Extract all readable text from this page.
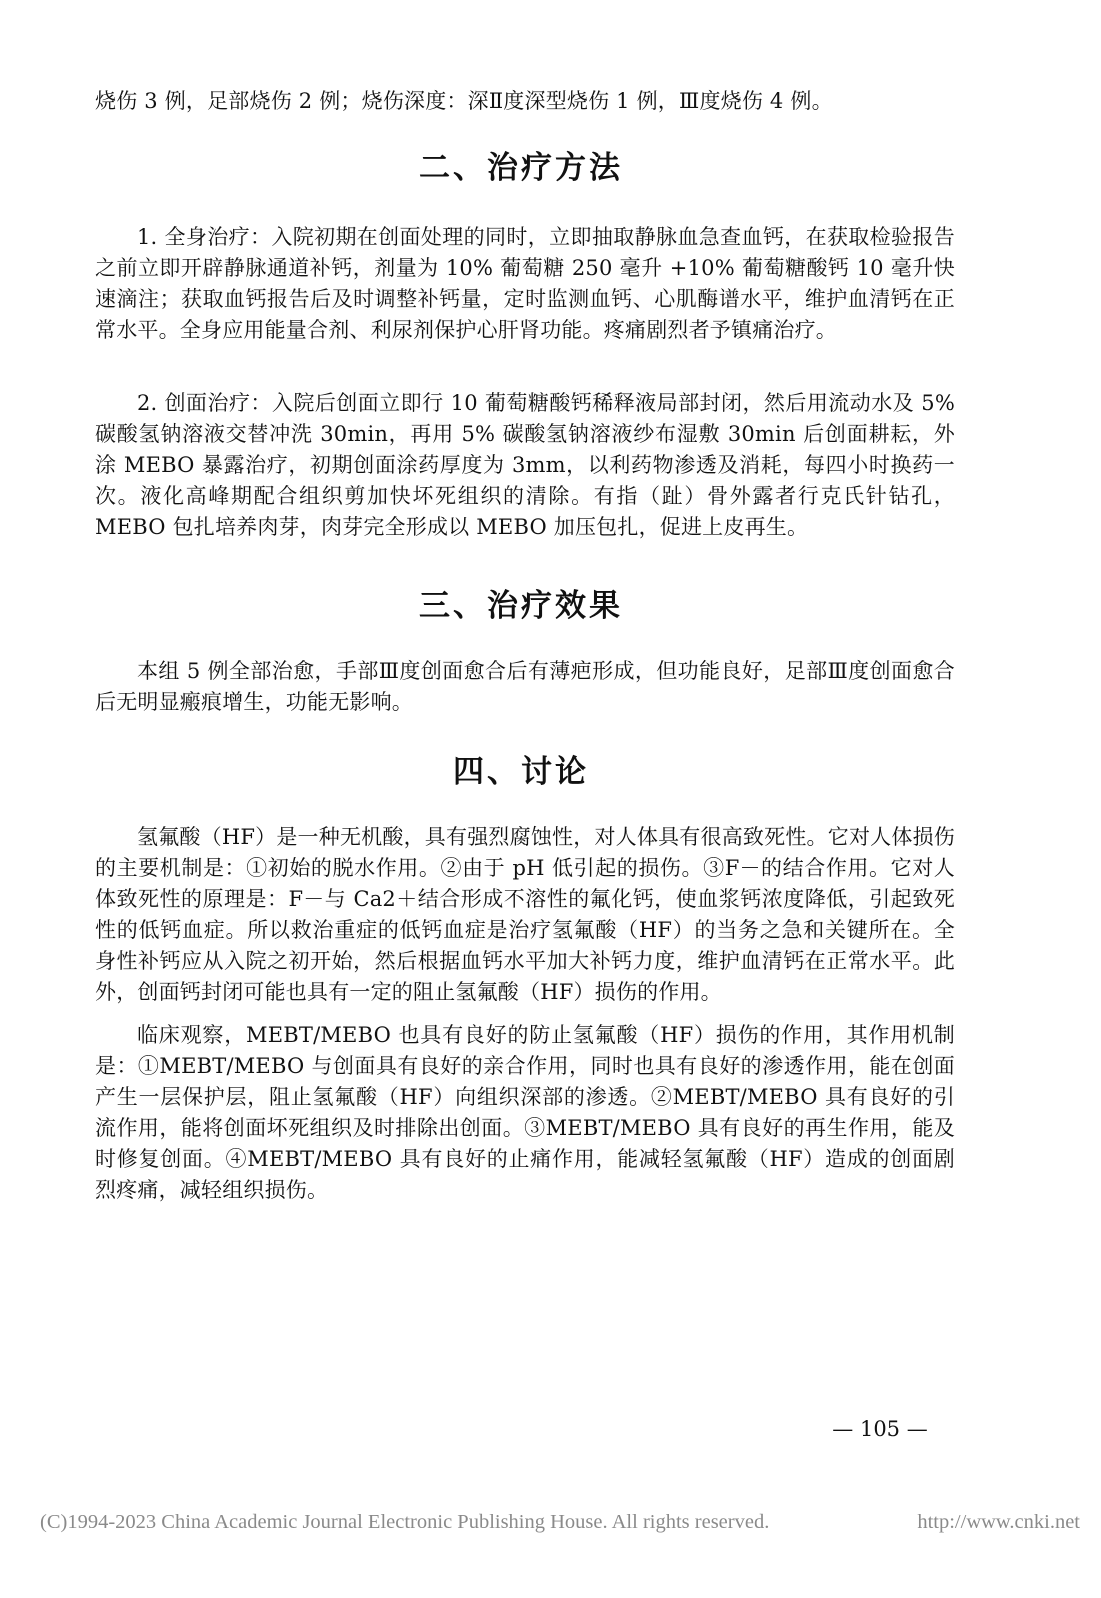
烧伤 3 例，足部烧伤 2 例；烧伤深度：深Ⅱ度深型烧伤 1 例，Ⅲ度烧伤 4 例。

二、治疗方法

1. 全身治疗：入院初期在创面处理的同时，立即抽取静脉血急查血钙，在获取检验报告之前立即开辟静脉通道补钙，剂量为 10% 葡萄糖 250 毫升 +10% 葡萄糖酸钙 10 毫升快速滴注；获取血钙报告后及时调整补钙量，定时监测血钙、心肌酶谱水平，维护血清钙在正常水平。全身应用能量合剂、利尿剂保护心肝肾功能。疼痛剧烈者予镇痛治疗。

2. 创面治疗：入院后创面立即行 10 葡萄糖酸钙稀释液局部封闭，然后用流动水及 5% 碳酸氢钠溶液交替冲洗 30min，再用 5% 碳酸氢钠溶液纱布湿敷 30min 后创面耕耘，外涂 MEBO 暴露治疗，初期创面涂药厚度为 3mm，以利药物渗透及消耗，每四小时换药一次。液化高峰期配合组织剪加快坏死组织的清除。有指（趾）骨外露者行克氏针钻孔，MEBO 包扎培养肉芽，肉芽完全形成以 MEBO 加压包扎，促进上皮再生。

三、治疗效果

本组 5 例全部治愈，手部Ⅲ度创面愈合后有薄疤形成，但功能良好，足部Ⅲ度创面愈合后无明显瘢痕增生，功能无影响。

四、讨论

氢氟酸（HF）是一种无机酸，具有强烈腐蚀性，对人体具有很高致死性。它对人体损伤的主要机制是：①初始的脱水作用。②由于 pH 低引起的损伤。③F－的结合作用。它对人体致死性的原理是：F－与 Ca2＋结合形成不溶性的氟化钙，使血浆钙浓度降低，引起致死性的低钙血症。所以救治重症的低钙血症是治疗氢氟酸（HF）的当务之急和关键所在。全身性补钙应从入院之初开始，然后根据血钙水平加大补钙力度，维护血清钙在正常水平。此外，创面钙封闭可能也具有一定的阻止氢氟酸（HF）损伤的作用。

临床观察，MEBT/MEBO 也具有良好的防止氢氟酸（HF）损伤的作用，其作用机制是：①MEBT/MEBO 与创面具有良好的亲合作用，同时也具有良好的渗透作用，能在创面产生一层保护层，阻止氢氟酸（HF）向组织深部的渗透。②MEBT/MEBO 具有良好的引流作用，能将创面坏死组织及时排除出创面。③MEBT/MEBO 具有良好的再生作用，能及时修复创面。④MEBT/MEBO 具有良好的止痛作用，能减轻氢氟酸（HF）造成的创面剧烈疼痛，减轻组织损伤。

— 105 —
(C)1994-2023 China Academic Journal Electronic Publishing House. All rights reserved.	http://www.cnki.net
